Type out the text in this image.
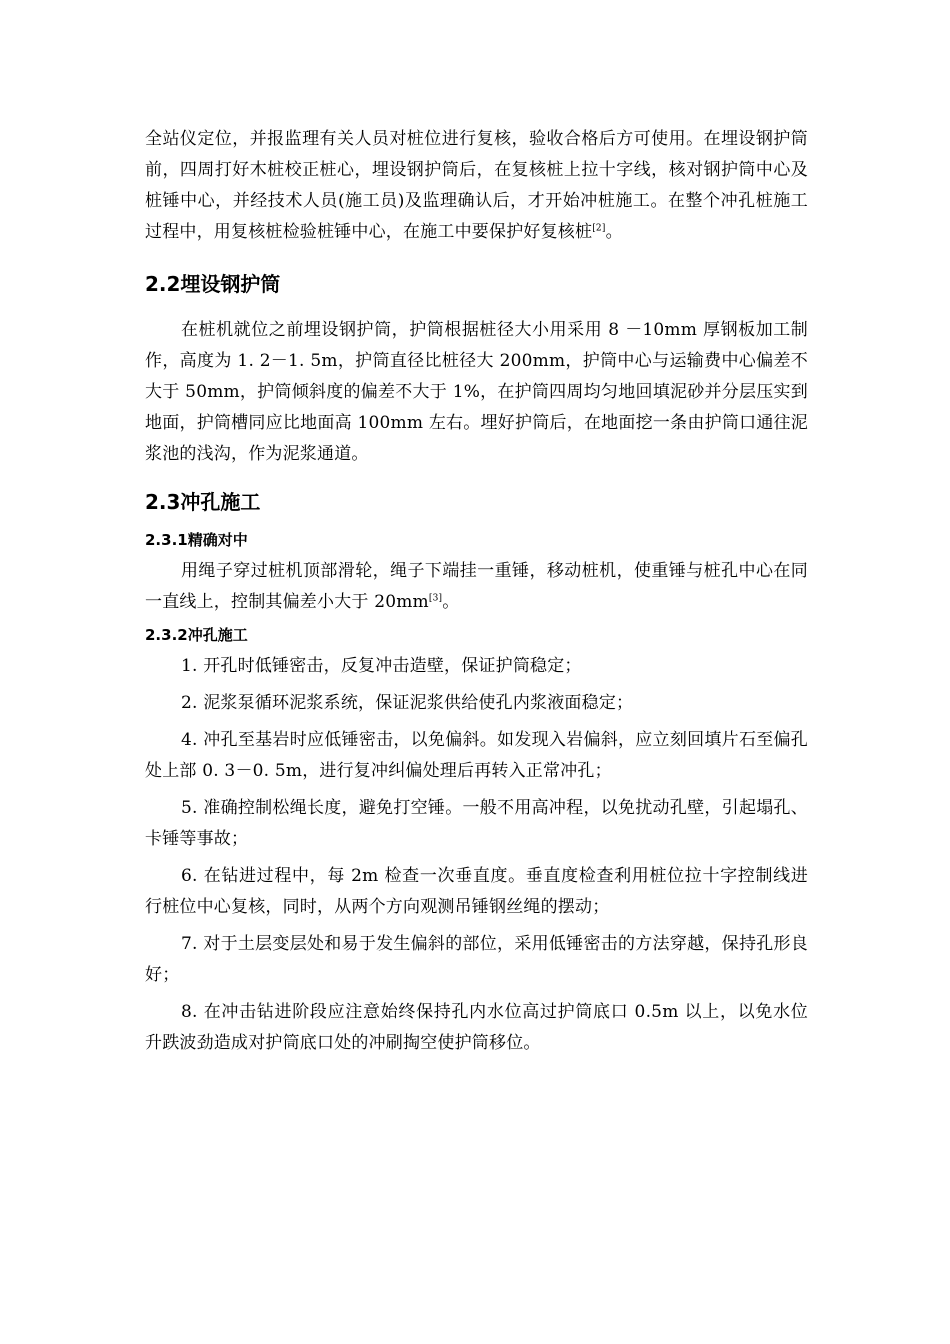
全站仪定位，并报监理有关人员对桩位进行复核，验收合格后方可使用。在埋设钢护筒前，四周打好木桩校正桩心，埋设钢护筒后，在复核桩上拉十字线，核对钢护筒中心及桩锤中心，并经技术人员(施工员)及监理确认后，才开始冲桩施工。在整个冲孔桩施工过程中，用复核桩检验桩锤中心，在施工中要保护好复核桩[2]。

2.2埋设钢护筒

在桩机就位之前埋设钢护筒，护筒根据桩径大小用采用 8 －10mm 厚钢板加工制作，高度为 1. 2－1. 5m，护筒直径比桩径大 200mm，护筒中心与运输费中心偏差不大于 50mm，护筒倾斜度的偏差不大于 1%，在护筒四周均匀地回填泥砂并分层压实到地面，护筒槽同应比地面高 100mm 左右。埋好护筒后，在地面挖一条由护筒口通往泥浆池的浅沟，作为泥浆通道。

2.3冲孔施工
2.3.1精确对中

用绳子穿过桩机顶部滑轮，绳子下端挂一重锤，移动桩机，使重锤与桩孔中心在同一直线上，控制其偏差小大于 20mm[3]。

2.3.2冲孔施工

1. 开孔时低锤密击，反复冲击造壁，保证护筒稳定；

2. 泥浆泵循环泥浆系统，保证泥浆供给使孔内浆液面稳定；

4. 冲孔至基岩时应低锤密击，以免偏斜。如发现入岩偏斜，应立刻回填片石至偏孔处上部 0. 3－0. 5m，进行复冲纠偏处理后再转入正常冲孔；

5. 准确控制松绳长度，避免打空锤。一般不用高冲程，以免扰动孔壁，引起塌孔、卡锤等事故；

6. 在钻进过程中，每 2m 检查一次垂直度。垂直度检查利用桩位拉十字控制线进行桩位中心复核，同时，从两个方向观测吊锤钢丝绳的摆动；

7. 对于土层变层处和易于发生偏斜的部位，采用低锤密击的方法穿越，保持孔形良好；

8. 在冲击钻进阶段应注意始终保持孔内水位高过护筒底口 0.5m 以上，以免水位升跌波劲造成对护筒底口处的冲刷掏空使护筒移位。
